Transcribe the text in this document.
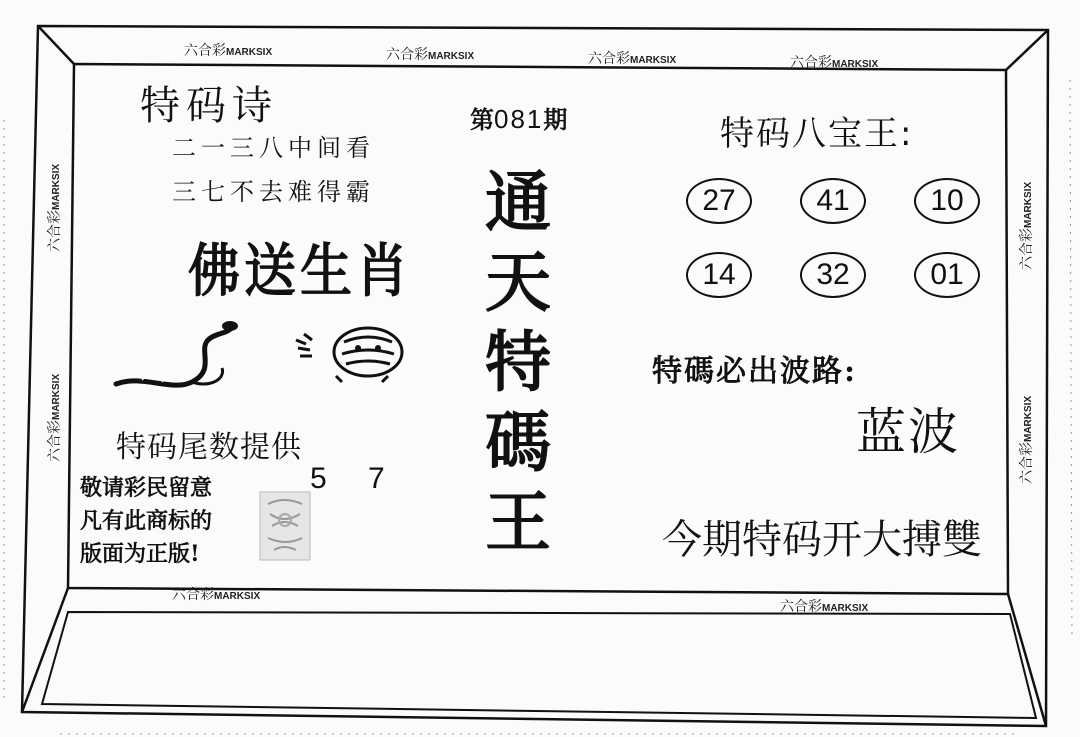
六合彩MARKSIX	六合彩MARKSIX	六合彩MARKSIX	六合彩MARKSIX
六合彩MARKSIX
六合彩MARKSIX
六合彩MARKSIX
六合彩MARKSIX
六合彩MARKSIX
六合彩MARKSIX
特码诗
二一三八中间看
三七不去难得霸
佛送生肖
特码尾数提供
5 7
敬请彩民留意
凡有此商标的
版面为正版!
第081期
通
天
特
碼
王
特码八宝王:
27	41	10
14	32	01
特碼必出波路:
蓝波
今期特码开大搏雙
